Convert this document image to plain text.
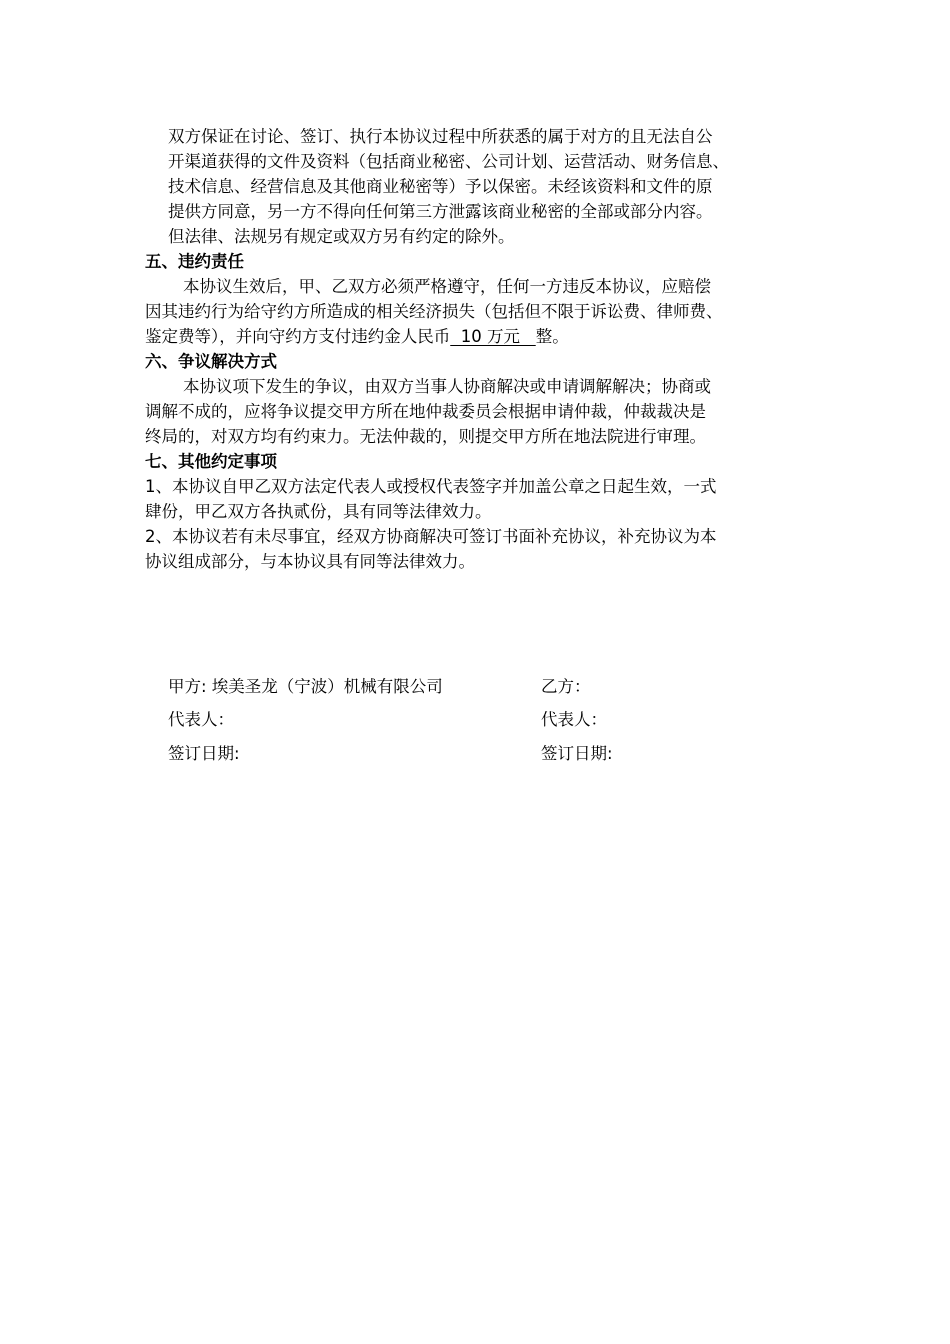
双方保证在讨论、签订、执行本协议过程中所获悉的属于对方的且无法自公
开渠道获得的文件及资料（包括商业秘密、公司计划、运营活动、财务信息、
技术信息、经营信息及其他商业秘密等）予以保密。未经该资料和文件的原
提供方同意，另一方不得向任何第三方泄露该商业秘密的全部或部分内容。
但法律、法规另有规定或双方另有约定的除外。
五、违约责任
本协议生效后，甲、乙双方必须严格遵守，任何一方违反本协议，应赔偿
因其违约行为给守约方所造成的相关经济损失（包括但不限于诉讼费、律师费、
鉴定费等），并向守约方支付违约金人民币  10 万元   整。
六、争议解决方式
本协议项下发生的争议，由双方当事人协商解决或申请调解解决；协商或
调解不成的，应将争议提交甲方所在地仲裁委员会根据申请仲裁，仲裁裁决是
终局的，对双方均有约束力。无法仲裁的，则提交甲方所在地法院进行审理。
七、其他约定事项
1、本协议自甲乙双方法定代表人或授权代表签字并加盖公章之日起生效，一式
肆份，甲乙双方各执贰份，具有同等法律效力。
2、本协议若有未尽事宜，经双方协商解决可签订书面补充协议，补充协议为本
协议组成部分，与本协议具有同等法律效力。
甲方: 埃美圣龙（宁波）机械有限公司	乙方：
代表人：	代表人：
签订日期:	签订日期:
